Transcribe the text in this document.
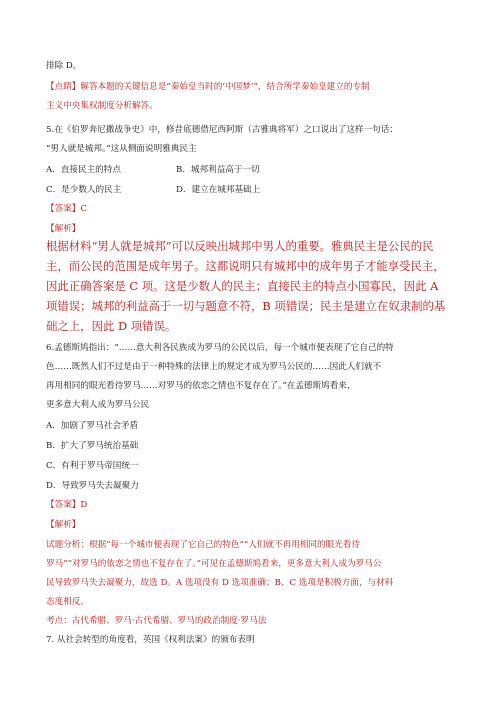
排除 D。
【点睛】解答本题的关键信息是“秦始皇当时的‘中国梦’”，结合所学秦始皇建立的专制
主义中央集权制度分析解答。
5.在《伯罗奔尼撒战争史》中，修昔底德借尼西阿斯（古雅典将军）之口说出了这样一句话：
“男人就是城邦。”这从侧面说明雅典民主
A．直接民主的特点	B．城邦利益高于一切
C．是少数人的民主	D．建立在城邦基础上
【答案】C
【解析】
根据材料“男人就是城邦”可以反映出城邦中男人的重要。雅典民主是公民的民
主，而公民的范围是成年男子。这都说明只有城邦中的成年男子才能享受民主，
因此正确答案是 C 项。这是少数人的民主；直接民主的特点小国寡民，因此 A
项错误；城邦的利益高于一切与题意不符，B 项错误；民主是建立在奴隶制的基
础之上，因此 D 项错误。
6.孟德斯鸠指出：“……意大利各民族成为罗马的公民以后，每一个城市便表现了它自己的特
色……既然人们不过是由于一种特殊的法律上的规定才成为罗马公民的……因此人们就不
再用相同的眼光看待罗马……对罗马的依恋之情也不复存在了。”在孟德斯鸠看来，
更多意大利人成为罗马公民
A．加剧了罗马社会矛盾
B．扩大了罗马统治基础
C．有利于罗马帝国统一
D．导致罗马失去凝聚力
【答案】D
【解析】
试题分析：根据“每一个城市便表现了它自己的特色”“人们就不再用相同的眼光看待
罗马”“对罗马的依恋之情也不复存在了。”可见在孟德斯鸠看来，更多意大利人成为罗马公
民导致罗马失去凝聚力，故选 D。A 选项没有 D 选项准确；B、C 选项是积极方面，与材料
态度相反。
考点：古代希腊、罗马·古代希腊、罗马的政治制度·罗马法
7. 从社会转型的角度看，英国《权利法案》的颁布表明
